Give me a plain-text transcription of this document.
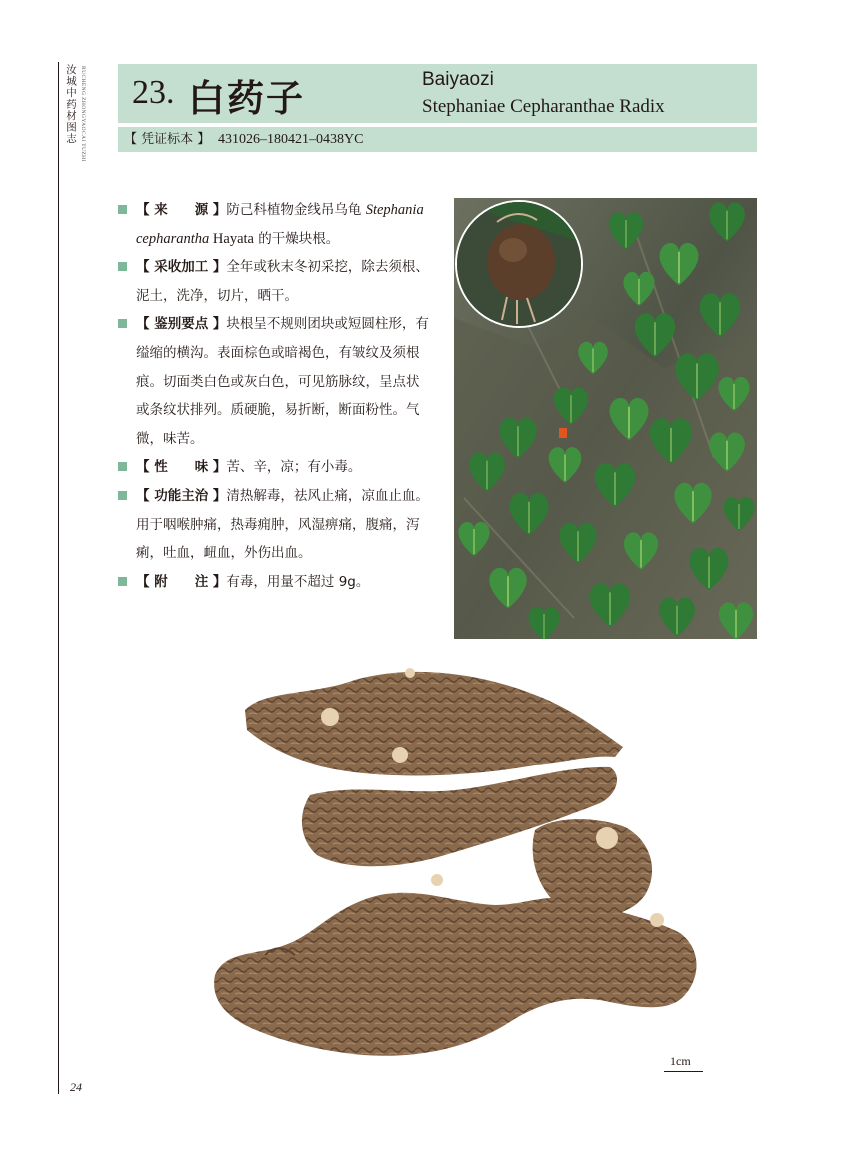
汝城中药材图志 RUCHENG ZHONGYAOCAI TUZHI
24
23. 白药子	Baiyaozi
Stephaniae Cepharanthae Radix
【 凭证标本 】 431026–180421–0438YC
【 来　　源 】防己科植物金线吊乌龟 Stephania cepharantha Hayata 的干燥块根。
【 采收加工 】全年或秋末冬初采挖，除去须根、泥土，洗净，切片，晒干。
【 鉴别要点 】块根呈不规则团块或短圆柱形，有缢缩的横沟。表面棕色或暗褐色，有皱纹及须根痕。切面类白色或灰白色，可见筋脉纹，呈点状或条纹状排列。质硬脆，易折断，断面粉性。气微，味苦。
【 性　　味 】苦、辛，凉；有小毒。
【 功能主治 】清热解毒，祛风止痛，凉血止血。用于咽喉肿痛，热毒痈肿，风湿痹痛，腹痛，泻痢，吐血，衄血，外伤出血。
【 附　　注 】有毒，用量不超过 9g。
1cm
